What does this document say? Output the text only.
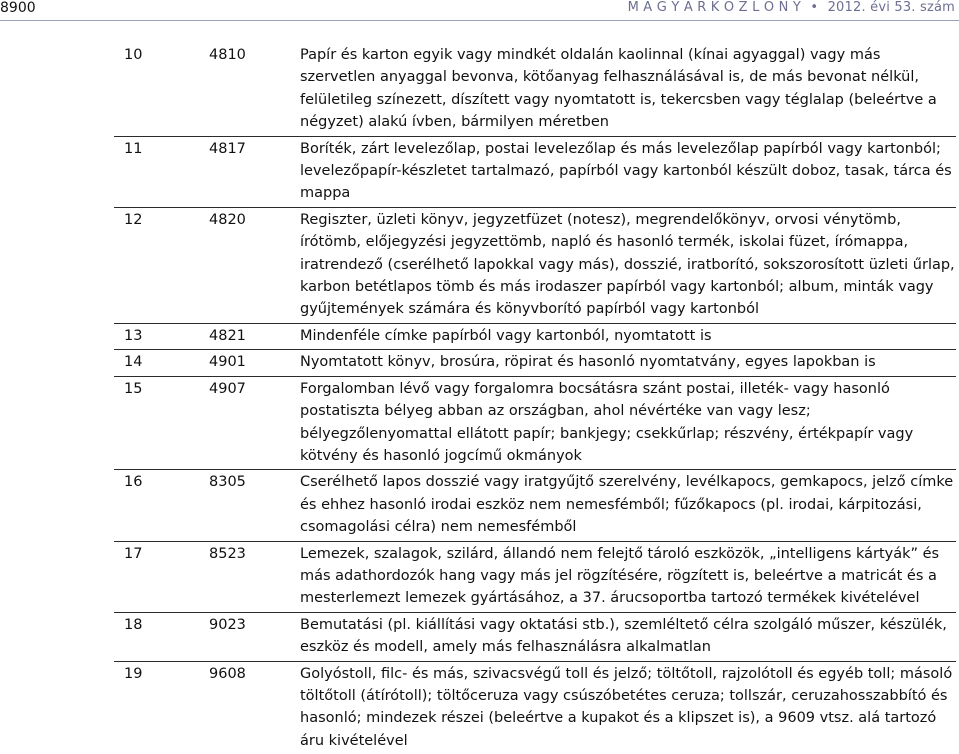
8900	M A G Y A R K Ö Z L Ö N Y • 2012. évi 53. szám
10	4810	Papír és karton egyik vagy mindkét oldalán kaolinnal (kínai agyaggal) vagy más szervetlen anyaggal bevonva, kötőanyag felhasználásával is, de más bevonat nélkül, felületileg színezett, díszített vagy nyomtatott is, tekercsben vagy téglalap (beleértve a négyzet) alakú ívben, bármilyen méretben
11	4817	Boríték, zárt levelezőlap, postai levelezőlap és más levelezőlap papírból vagy kartonból; levelezőpapír-készletet tartalmazó, papírból vagy kartonból készült doboz, tasak, tárca és mappa
12	4820	Regiszter, üzleti könyv, jegyzetfüzet (notesz), megrendelőkönyv, orvosi vénytömb, írótömb, előjegyzési jegyzettömb, napló és hasonló termék, iskolai füzet, írómappa, iratrendező (cserélhető lapokkal vagy más), dosszié, iratborító, sokszorosított üzleti űrlap, karbon betétlapos tömb és más irodaszer papírból vagy kartonból; album, minták vagy gyűjtemények számára és könyvborító papírból vagy kartonból
13	4821	Mindenféle címke papírból vagy kartonból, nyomtatott is
14	4901	Nyomtatott könyv, brosúra, röpirat és hasonló nyomtatvány, egyes lapokban is
15	4907	Forgalomban lévő vagy forgalomra bocsátásra szánt postai, illeték- vagy hasonló postatiszta bélyeg abban az országban, ahol névértéke van vagy lesz; bélyegzőlenyomattal ellátott papír; bankjegy; csekkűrlap; részvény, értékpapír vagy kötvény és hasonló jogcímű okmányok
16	8305	Cserélhető lapos dosszié vagy iratgyűjtő szerelvény, levélkapocs, gemkapocs, jelző címke és ehhez hasonló irodai eszköz nem nemesfémből; fűzőkapocs (pl. irodai, kárpitozási, csomagolási célra) nem nemesfémből
17	8523	Lemezek, szalagok, szilárd, állandó nem felejtő tároló eszközök, „intelligens kártyák” és más adathordozók hang vagy más jel rögzítésére, rögzített is, beleértve a matricát és a mesterlemezt lemezek gyártásához, a 37. árucsoportba tartozó termékek kivételével
18	9023	Bemutatási (pl. kiállítási vagy oktatási stb.), szemléltető célra szolgáló műszer, készülék, eszköz és modell, amely más felhasználásra alkalmatlan
19	9608	Golyóstoll, filc- és más, szivacsvégű toll és jelző; töltőtoll, rajzolótoll és egyéb toll; másoló töltőtoll (átírótoll); töltőceruza vagy csúszóbetétes ceruza; tollszár, ceruzahosszabbító és hasonló; mindezek részei (beleértve a kupakot és a klipszet is), a 9609 vtsz. alá tartozó áru kivételével
